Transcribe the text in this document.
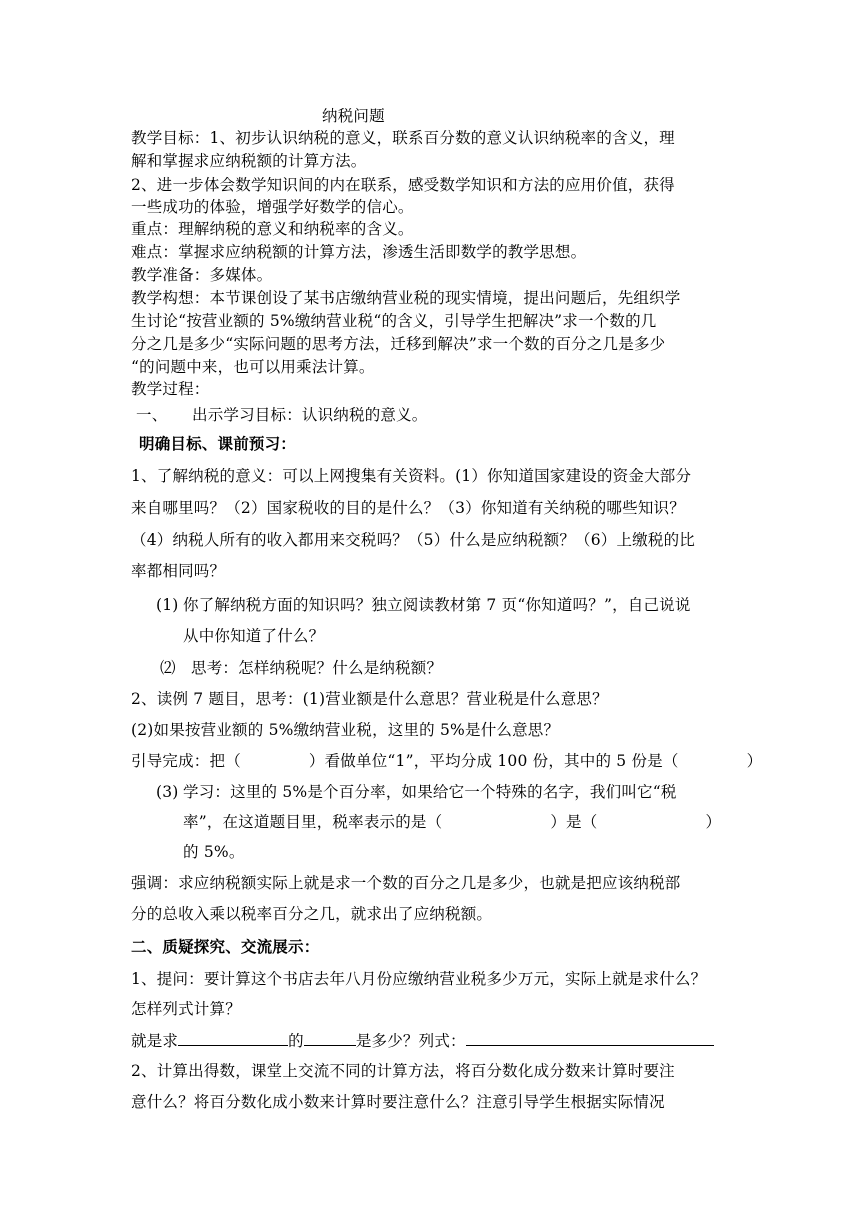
纳税问题
教学目标：1、初步认识纳税的意义，联系百分数的意义认识纳税率的含义，理
解和掌握求应纳税额的计算方法。
2、进一步体会数学知识间的内在联系，感受数学知识和方法的应用价值，获得
一些成功的体验，增强学好数学的信心。
重点：理解纳税的意义和纳税率的含义。
难点：掌握求应纳税额的计算方法，渗透生活即数学的教学思想。
教学准备：多媒体。
教学构想：本节课创设了某书店缴纳营业税的现实情境，提出问题后，先组织学
生讨论“按营业额的 5%缴纳营业税“的含义，引导学生把解决”求一个数的几
分之几是多少“实际问题的思考方法，迁移到解决”求一个数的百分之几是多少
“的问题中来，也可以用乘法计算。
教学过程：
一、 出示学习目标：认识纳税的意义。
明确目标、课前预习：
1、了解纳税的意义：可以上网搜集有关资料。(1）你知道国家建设的资金大部分
来自哪里吗？（2）国家税收的目的是什么？（3）你知道有关纳税的哪些知识？
（4）纳税人所有的收入都用来交税吗？（5）什么是应纳税额？（6）上缴税的比
率都相同吗？
(1) 你了解纳税方面的知识吗？独立阅读教材第 7 页“你知道吗？”，自己说说
从中你知道了什么？
⑵ 思考：怎样纳税呢？什么是纳税额？
2、读例 7 题目，思考：(1)营业额是什么意思？营业税是什么意思？
(2)如果按营业额的 5%缴纳营业税，这里的 5%是什么意思？
引导完成：把（	）看做单位“1”，平均分成 100 份，其中的 5 份是（	）
(3) 学习：这里的 5%是个百分率，如果给它一个特殊的名字，我们叫它“税
率”，在这道题目里，税率表示的是（	）是（	）
的 5%。
强调：求应纳税额实际上就是求一个数的百分之几是多少，也就是把应该纳税部
分的总收入乘以税率百分之几，就求出了应纳税额。
二、质疑探究、交流展示：
1、提问：要计算这个书店去年八月份应缴纳营业税多少万元，实际上就是求什么？
怎样列式计算？
就是求	的	是多少？列式：
2、计算出得数，课堂上交流不同的计算方法，将百分数化成分数来计算时要注
意什么？将百分数化成小数来计算时要注意什么？注意引导学生根据实际情况
